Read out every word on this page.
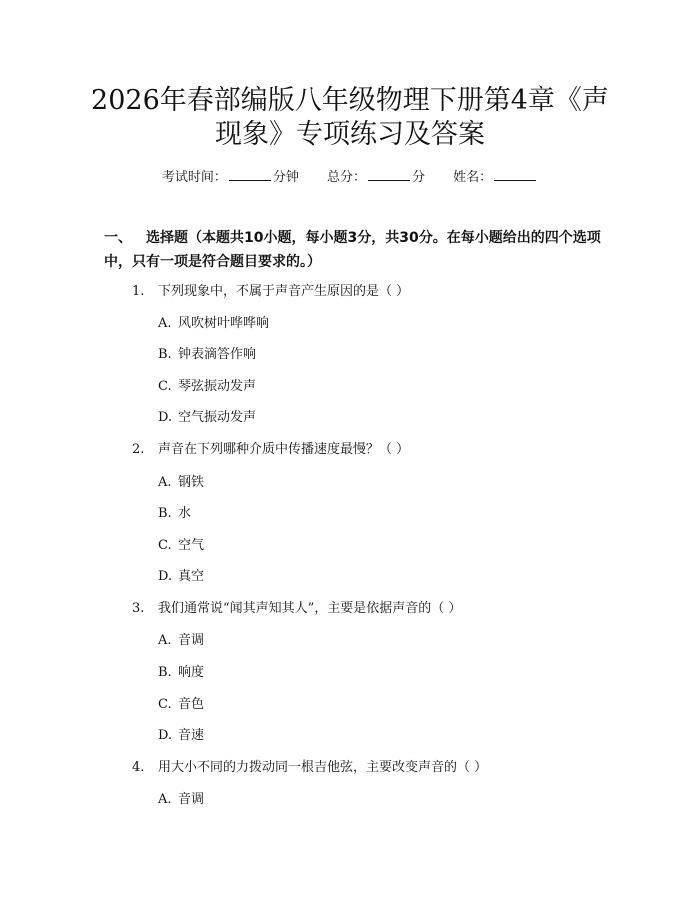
2026年春部编版八年级物理下册第4章《声
现象》专项练习及答案
考试时间：	分钟 总分：	分 姓名：
一、 选择题（本题共10小题，每小题3分，共30分。在每小题给出的四个选项中，只有一项是符合题目要求的。）
1. 下列现象中，不属于声音产生原因的是（ ）
A. 风吹树叶哗哗响
B. 钟表滴答作响
C. 琴弦振动发声
D. 空气振动发声
2. 声音在下列哪种介质中传播速度最慢？（ ）
A. 钢铁
B. 水
C. 空气
D. 真空
3. 我们通常说“闻其声知其人”，主要是依据声音的（ ）
A. 音调
B. 响度
C. 音色
D. 音速
4. 用大小不同的力拨动同一根吉他弦，主要改变声音的（ ）
A. 音调
